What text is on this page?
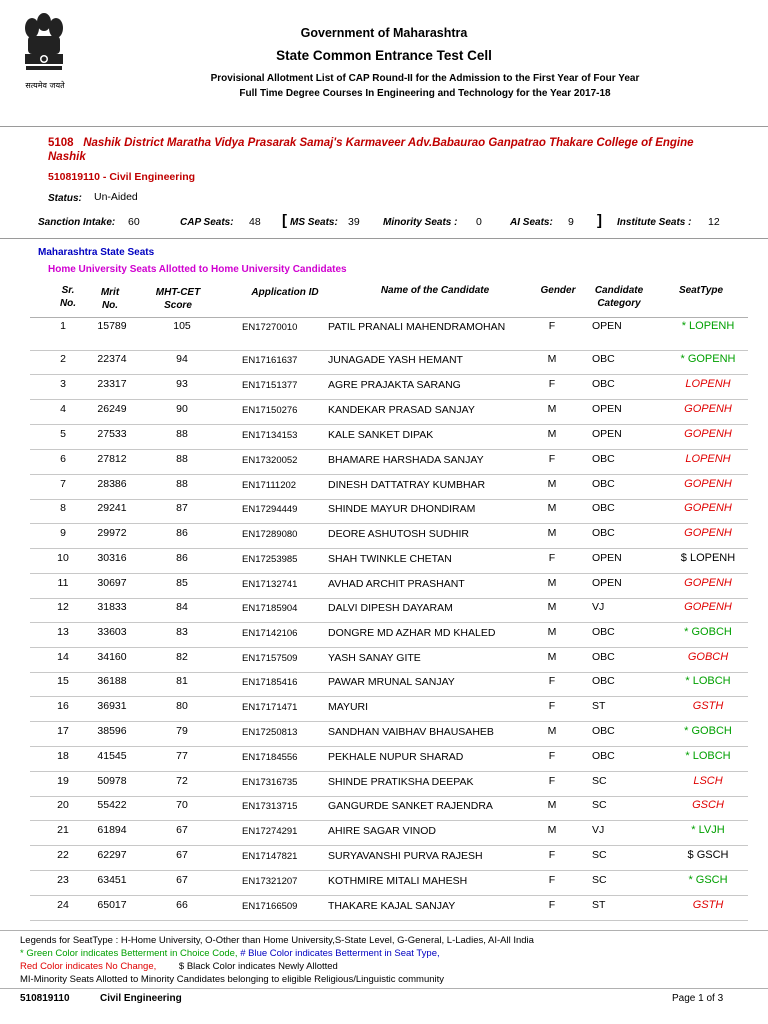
सत्यमेव जयते
Government of Maharashtra
State Common Entrance Test Cell
Provisional Allotment List of CAP Round-II for the Admission to the First Year of Four Year
Full Time Degree Courses In Engineering and Technology for the Year 2017-18
5108 Nashik District Maratha Vidya Prasarak Samaj's Karmaveer Adv.Babaurao Ganpatrao Thakare College of Engine
Nashik
510819110 - Civil Engineering
Status: Un-Aided
Sanction Intake: 60	CAP Seats: 48 [ MS Seats: 39 Minority Seats : 0	AI Seats: 9 ] Institute Seats : 12
Maharashtra State Seats
Home University Seats Allotted to Home University Candidates
Sr.
No.
Mrit
No.
MHT-CET
Score
Application ID	Name of the Candidate	Gender	Candidate
Category
SeatType
1	15789	105	EN17270010	PATIL PRANALI MAHENDRAMOHAN	F	OPEN	* LOPENH
2	22374	94	EN17161637	JUNAGADE YASH HEMANT	M	OBC	* GOPENH
3	23317	93	EN17151377	AGRE PRAJAKTA SARANG	F	OBC	LOPENH
4	26249	90	EN17150276	KANDEKAR PRASAD SANJAY	M	OPEN	GOPENH
5	27533	88	EN17134153	KALE SANKET DIPAK	M	OPEN	GOPENH
6	27812	88	EN17320052	BHAMARE HARSHADA SANJAY	F	OBC	LOPENH
7	28386	88	EN17111202	DINESH DATTATRAY KUMBHAR	M	OBC	GOPENH
8	29241	87	EN17294449	SHINDE MAYUR DHONDIRAM	M	OBC	GOPENH
9	29972	86	EN17289080	DEORE ASHUTOSH SUDHIR	M	OBC	GOPENH
10	30316	86	EN17253985	SHAH TWINKLE CHETAN	F	OPEN	$ LOPENH
11	30697	85	EN17132741	AVHAD ARCHIT PRASHANT	M	OPEN	GOPENH
12	31833	84	EN17185904	DALVI DIPESH DAYARAM	M	VJ	GOPENH
13	33603	83	EN17142106	DONGRE MD AZHAR MD KHALED	M	OBC	* GOBCH
14	34160	82	EN17157509	YASH SANAY GITE	M	OBC	GOBCH
15	36188	81	EN17185416	PAWAR MRUNAL SANJAY	F	OBC	* LOBCH
16	36931	80	EN17171471	MAYURI	F	ST	GSTH
17	38596	79	EN17250813	SANDHAN VAIBHAV BHAUSAHEB	M	OBC	* GOBCH
18	41545	77	EN17184556	PEKHALE NUPUR SHARAD	F	OBC	* LOBCH
19	50978	72	EN17316735	SHINDE PRATIKSHA DEEPAK	F	SC	LSCH
20	55422	70	EN17313715	GANGURDE SANKET RAJENDRA	M	SC	GSCH
21	61894	67	EN17274291	AHIRE SAGAR VINOD	M	VJ	* LVJH
22	62297	67	EN17147821	SURYAVANSHI PURVA RAJESH	F	SC	$ GSCH
23	63451	67	EN17321207	KOTHMIRE MITALI MAHESH	F	SC	* GSCH
24	65017	66	EN17166509	THAKARE KAJAL SANJAY	F	ST	GSTH
Legends for SeatType : H-Home University, O-Other than Home University,S-State Level, G-General, L-Ladies, AI-All India
* Green Color indicates Betterment in Choice Code, # Blue Color indicates Betterment in Seat Type,
Red Color indicates No Change, $ Black Color indicates Newly Allotted
MI-Minority Seats Allotted to Minority Candidates belonging to eligible Religious/Linguistic community
510819110	Civil Engineering	Page 1 of 3
